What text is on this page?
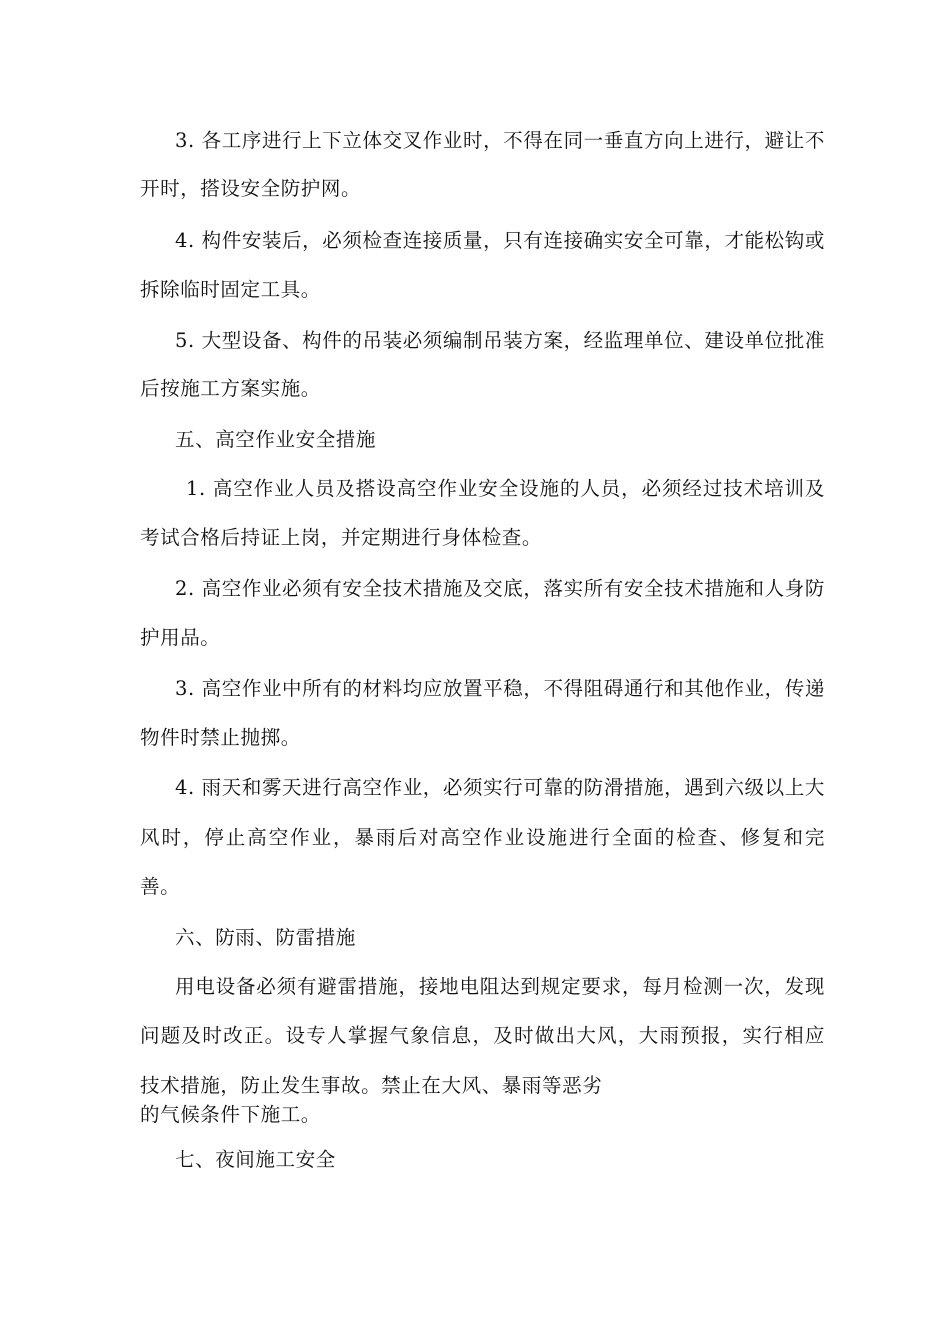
3. 各工序进行上下立体交叉作业时，不得在同一垂直方向上进行，避让不
开时，搭设安全防护网。
4. 构件安装后，必须检查连接质量，只有连接确实安全可靠，才能松钩或
拆除临时固定工具。
5. 大型设备、构件的吊装必须编制吊装方案，经监理单位、建设单位批准
后按施工方案实施。
五、高空作业安全措施
1. 高空作业人员及搭设高空作业安全设施的人员，必须经过技术培训及
考试合格后持证上岗，并定期进行身体检查。
2. 高空作业必须有安全技术措施及交底，落实所有安全技术措施和人身防
护用品。
3. 高空作业中所有的材料均应放置平稳，不得阻碍通行和其他作业，传递
物件时禁止抛掷。
4. 雨天和雾天进行高空作业，必须实行可靠的防滑措施，遇到六级以上大
风时，停止高空作业，暴雨后对高空作业设施进行全面的检查、修复和完
善。
六、防雨、防雷措施
用电设备必须有避雷措施，接地电阻达到规定要求，每月检测一次，发现
问题及时改正。设专人掌握气象信息，及时做出大风，大雨预报，实行相应
技术措施，防止发生事故。禁止在大风、暴雨等恶劣
的气候条件下施工。
七、夜间施工安全
